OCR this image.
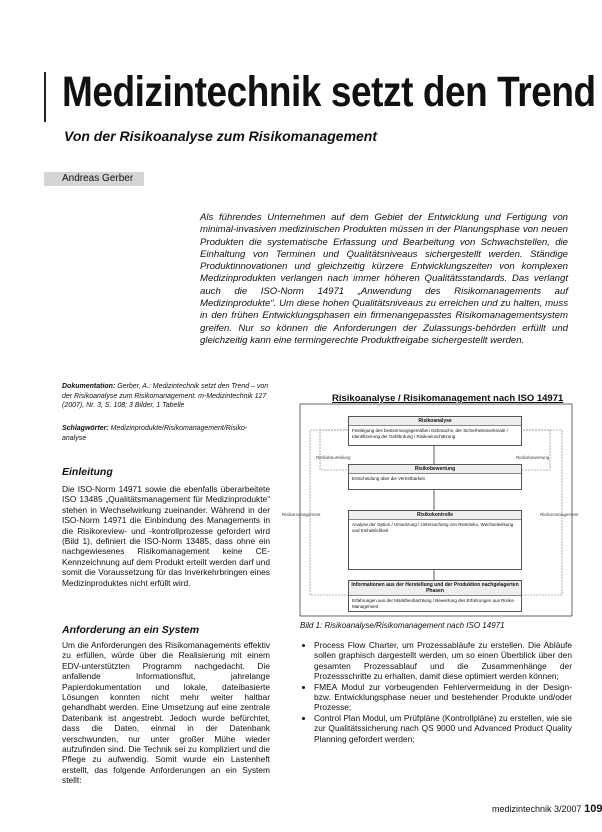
Medizintechnik setzt den Trend
Von der Risikoanalyse zum Risikomanagement
Andreas Gerber
Als führendes Unternehmen auf dem Gebiet der Entwicklung und Fertigung von minimal-invasiven medizinischen Produkten müssen in der Planungsphase von neuen Produkten die systematische Erfassung und Bearbeitung von Schwachstellen, die Einhaltung von Terminen und Qualitätsniveaus sichergestellt werden. Ständige Produktinnovationen und gleichzeitig kürzere Entwicklungszeiten von komplexen Medizinprodukten verlangen nach immer höheren Qualitätsstandards. Das verlangt auch die ISO-Norm 14971 „Anwendung des Risikomanagements auf Medizinprodukte“. Um diese hohen Qualitätsniveaus zu erreichen und zu halten, muss in den frühen Entwicklungsphasen ein firmenangepasstes Risikomanagementsystem greifen. Nur so können die Anforderungen der Zulassungs-behörden erfüllt und gleichzeitig kann eine termingerechte Produktfreigabe sichergestellt werden.
Dokumentation: Gerber, A.: Medizintechnik setzt den Trend – von der Risikoanalyse zum Risikomanagement. m-Medizintechnik 127 (2007), Nr. 3, S. 108; 3 Bilder, 1 Tabelle
Schlagwörter: Medizinprodukte/Risikomanagement/Risiko-analyse
Einleitung
Die ISO-Norm 14971 sowie die ebenfalls überarbeitete ISO 13485 „Qualitätsmanagement für Medizinprodukte“ stehen in Wechselwirkung zueinander. Während in der ISO-Norm 14971 die Einbindung des Managements in die Risikoreview- und -kontrollprozesse gefordert wird (Bild 1), definiert die ISO-Norm 13485, dass ohne ein nachgewiesenes Risikomanagement keine CE-Kennzeichnung auf dem Produkt erteilt werden darf und somit die Voraussetzung für das Inverkehrbringen eines Medizinproduktes nicht erfüllt wird.
Anforderung an ein System
Um die Anforderungen des Risikomanagements effektiv zu erfüllen, würde über die Realisierung mit einem EDV-unterstützten Programm nachgedacht. Die anfallende Informationsflut, jahrelange Papierdokumentation und lokale, dateibasierte Lösungen konnten nicht mehr weiter haltbar gehandhabt werden. Eine Umsetzung auf eine zentrale Datenbank ist angestrebt. Jedoch wurde befürchtet, dass die Daten, einmal in der Datenbank verschwunden, nur unter großer Mühe wieder aufzufinden sind. Die Technik sei zu kompliziert und die Pflege zu aufwendig. Somit wurde ein Lastenheft erstellt, das folgende Anforderungen an ein System stellt:
Risikoanalyse / Risikomanagement nach ISO 14971
Risikoanalyse
Festlegung des bestimmungsgemäßen Gebrauchs, der Sicherheitsmerkmale / Identifizierung der Gefährdung / Risikoeinschätzung
Risikobewertung
Entscheidung über die Vertretbarkeit
Risikokontrolle
Analyse der Option / Umsetzung / Untersuchung von Restrisiko, Wechselwirkung und Einheitlichkeit
Informationen aus der Herstellung und der Produktion nachgelagerten Phasen
Erfahrungen aus der Marktbeobachtung / Bewertung des Erfahrungen aus Risiko-Management
Risikobeurteilung	Risikobewertung
Risikomanagement	Risikomanagement
Bild 1: Risikoanalyse/Risikomanagement nach ISO 14971
• Process Flow Charter, um Prozessabläufe zu erstellen. Die Abläufe sollen graphisch dargestellt werden, um so einen Überblick über den gesamten Prozessablauf und die Zusammenhänge der Prozessschritte zu erhalten, damit diese optimiert werden können;
• FMEA Modul zur vorbeugenden Fehlervermeidung in der Design- bzw. Entwicklungsphase neuer und bestehender Produkte und/oder Prozesse;
• Control Plan Modul, um Prüfpläne (Kontrollpläne) zu erstellen, wie sie zur Qualitätssicherung nach QS 9000 und Advanced Product Quality Planning gefordert werden;
medizintechnik 3/2007 109
